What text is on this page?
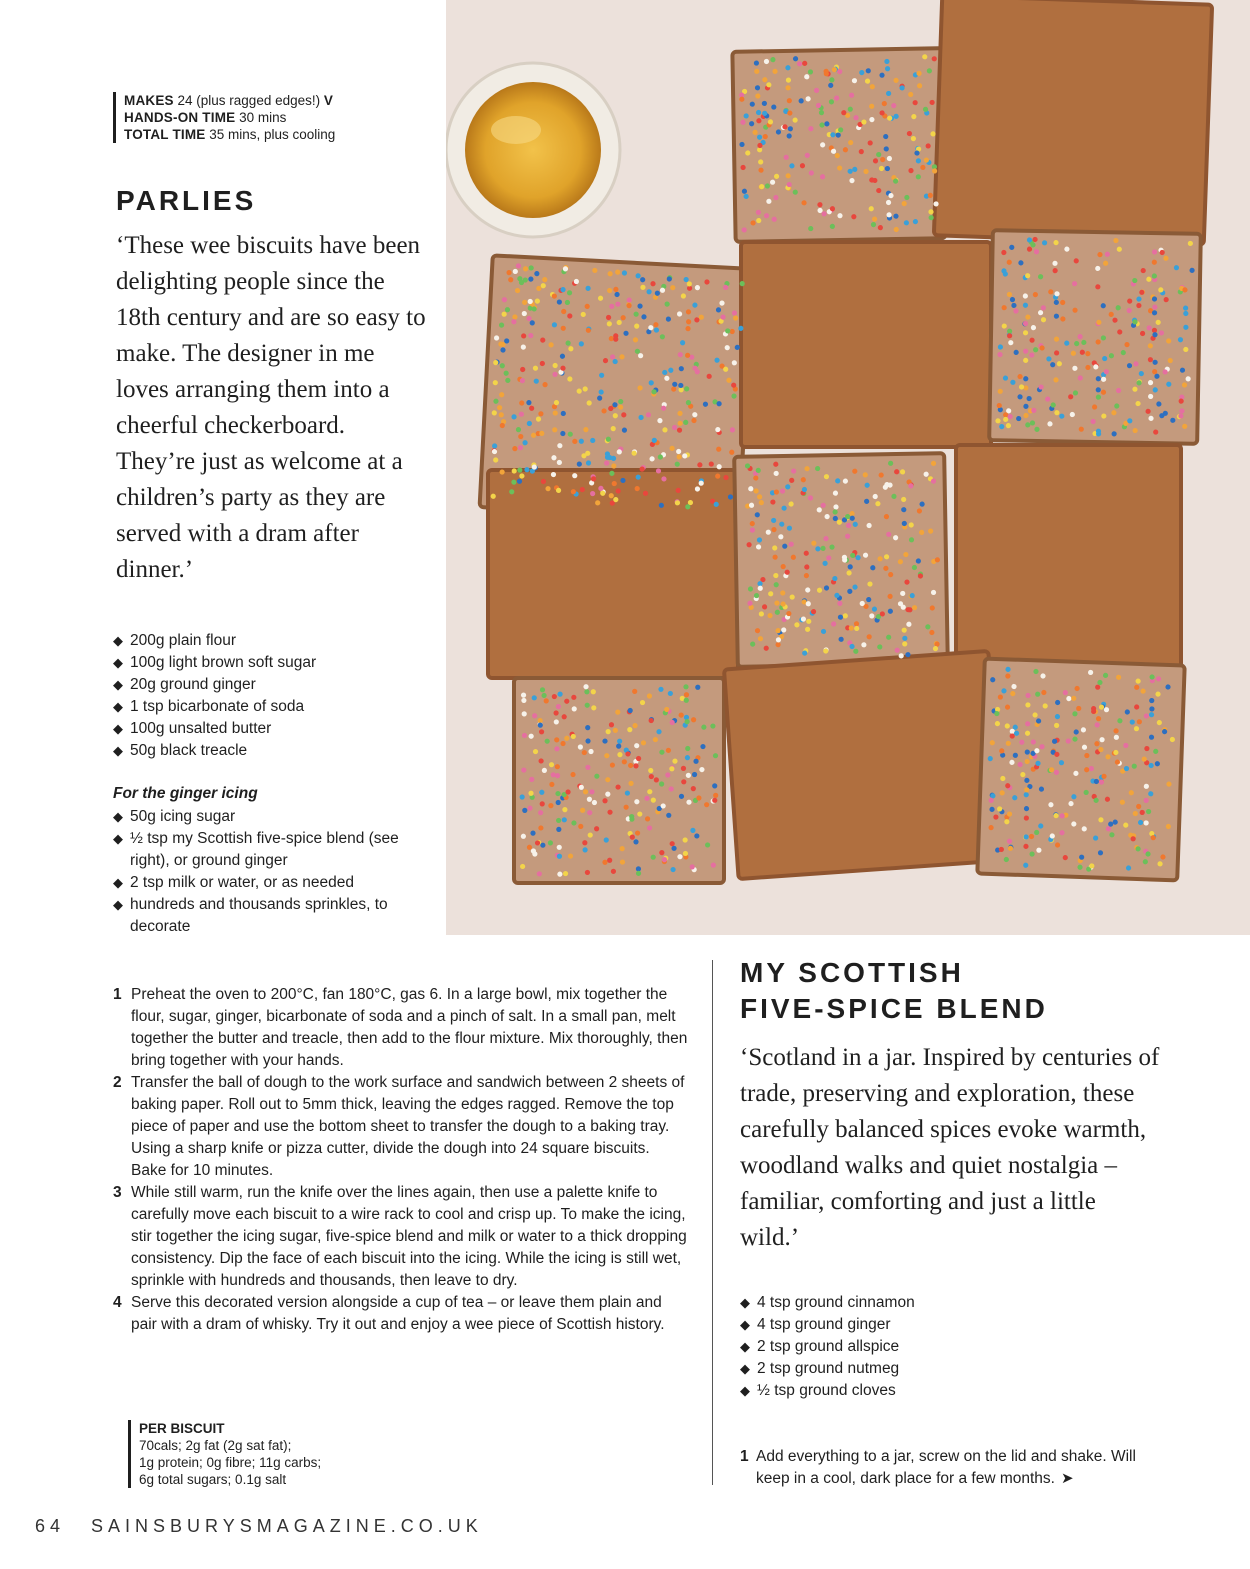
MAKES 24 (plus ragged edges!) V
HANDS-ON TIME 30 mins
TOTAL TIME 35 mins, plus cooling
PARLIES

‘These wee biscuits have been delighting people since the 18th century and are so easy to make. The designer in me loves arranging them into a cheerful checkerboard. They’re just as welcome at a children’s party as they are served with a dram after dinner.’

◆ 200g plain flour
◆ 100g light brown soft sugar
◆ 20g ground ginger
◆ 1 tsp bicarbonate of soda
◆ 100g unsalted butter
◆ 50g black treacle

For the ginger icing

◆ 50g icing sugar
◆ ½ tsp my Scottish five-spice blend (see right), or ground ginger
◆ 2 tsp milk or water, or as needed
◆ hundreds and thousands sprinkles, to decorate
1 Preheat the oven to 200°C, fan 180°C, gas 6. In a large bowl, mix together the flour, sugar, ginger, bicarbonate of soda and a pinch of salt. In a small pan, melt together the butter and treacle, then add to the flour mixture. Mix thoroughly, then bring together with your hands.
2 Transfer the ball of dough to the work surface and sandwich between 2 sheets of baking paper. Roll out to 5mm thick, leaving the edges ragged. Remove the top piece of paper and use the bottom sheet to transfer the dough to a baking tray. Using a sharp knife or pizza cutter, divide the dough into 24 square biscuits. Bake for 10 minutes.
3 While still warm, run the knife over the lines again, then use a palette knife to carefully move each biscuit to a wire rack to cool and crisp up. To make the icing, stir together the icing sugar, five-spice blend and milk or water to a thick dropping consistency. Dip the face of each biscuit into the icing. While the icing is still wet, sprinkle with hundreds and thousands, then leave to dry.
4 Serve this decorated version alongside a cup of tea – or leave them plain and pair with a dram of whisky. Try it out and enjoy a wee piece of Scottish history.
PER BISCUIT
70cals; 2g fat (2g sat fat);
1g protein; 0g fibre; 11g carbs;
6g total sugars; 0.1g salt
MY SCOTTISH
FIVE-SPICE BLEND

‘Scotland in a jar. Inspired by centuries of trade, preserving and exploration, these carefully balanced spices evoke warmth, woodland walks and quiet nostalgia – familiar, comforting and just a little wild.’

◆ 4 tsp ground cinnamon
◆ 4 tsp ground ginger
◆ 2 tsp ground allspice
◆ 2 tsp ground nutmeg
◆ ½ tsp ground cloves
1 Add everything to a jar, screw on the lid and shake. Will keep in a cool, dark place for a few months. ➤
64 SAINSBURYSMAGAZINE.CO.UK
